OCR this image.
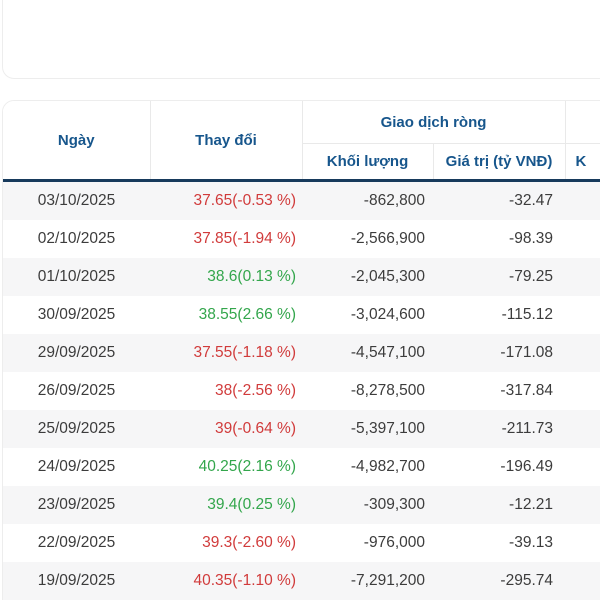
Ngày	Thay đổi	Giao dịch ròng		
		Khối lượng	Giá trị (tỷ VNĐ)	K
03/10/2025	37.65(-0.53 %)	-862,800	-32.47	
02/10/2025	37.85(-1.94 %)	-2,566,900	-98.39	
01/10/2025	38.6(0.13 %)	-2,045,300	-79.25	
30/09/2025	38.55(2.66 %)	-3,024,600	-115.12	
29/09/2025	37.55(-1.18 %)	-4,547,100	-171.08	
26/09/2025	38(-2.56 %)	-8,278,500	-317.84	
25/09/2025	39(-0.64 %)	-5,397,100	-211.73	
24/09/2025	40.25(2.16 %)	-4,982,700	-196.49	
23/09/2025	39.4(0.25 %)	-309,300	-12.21	
22/09/2025	39.3(-2.60 %)	-976,000	-39.13	
19/09/2025	40.35(-1.10 %)	-7,291,200	-295.74	
